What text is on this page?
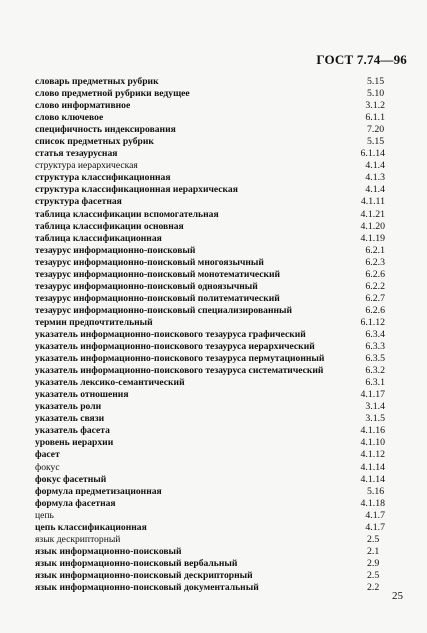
ГОСТ 7.74—96
словарь предметных рубрик	5.15
слово предметной рубрики ведущее	5.10
слово информативное	3.1.2
слово ключевое	6.1.1
специфичность индексирования	7.20
список предметных рубрик	5.15
статья тезаурусная	6.1.14
структура иерархическая	4.1.4
структура классификационная	4.1.3
структура классификационная иерархическая	4.1.4
структура фасетная	4.1.11
таблица классификации вспомогательная	4.1.21
таблица классификации основная	4.1.20
таблица классификационная	4.1.19
тезаурус информационно-поисковый	6.2.1
тезаурус информационно-поисковый многоязычный	6.2.3
тезаурус информационно-поисковый монотематический	6.2.6
тезаурус информационно-поисковый одноязычный	6.2.2
тезаурус информационно-поисковый политематический	6.2.7
тезаурус информационно-поисковый специализированный	6.2.6
термин предпочтительный	6.1.12
указатель информационно-поискового тезауруса графический	6.3.4
указатель информационно-поискового тезауруса иерархический	6.3.3
указатель информационно-поискового тезауруса пермутационный	6.3.5
указатель информационно-поискового тезауруса систематический	6.3.2
указатель лексико-семантический	6.3.1
указатель отношения	4.1.17
указатель роли	3.1.4
указатель связи	3.1.5
указатель фасета	4.1.16
уровень иерархии	4.1.10
фасет	4.1.12
фокус	4.1.14
фокус фасетный	4.1.14
формула предметизационная	5.16
формула фасетная	4.1.18
цепь	4.1.7
цепь классификационная	4.1.7
язык дескрипторный	2.5
язык информационно-поисковый	2.1
язык информационно-поисковый вербальный	2.9
язык информационно-поисковый дескрипторный	2.5
язык информационно-поисковый документальный	2.2
25
